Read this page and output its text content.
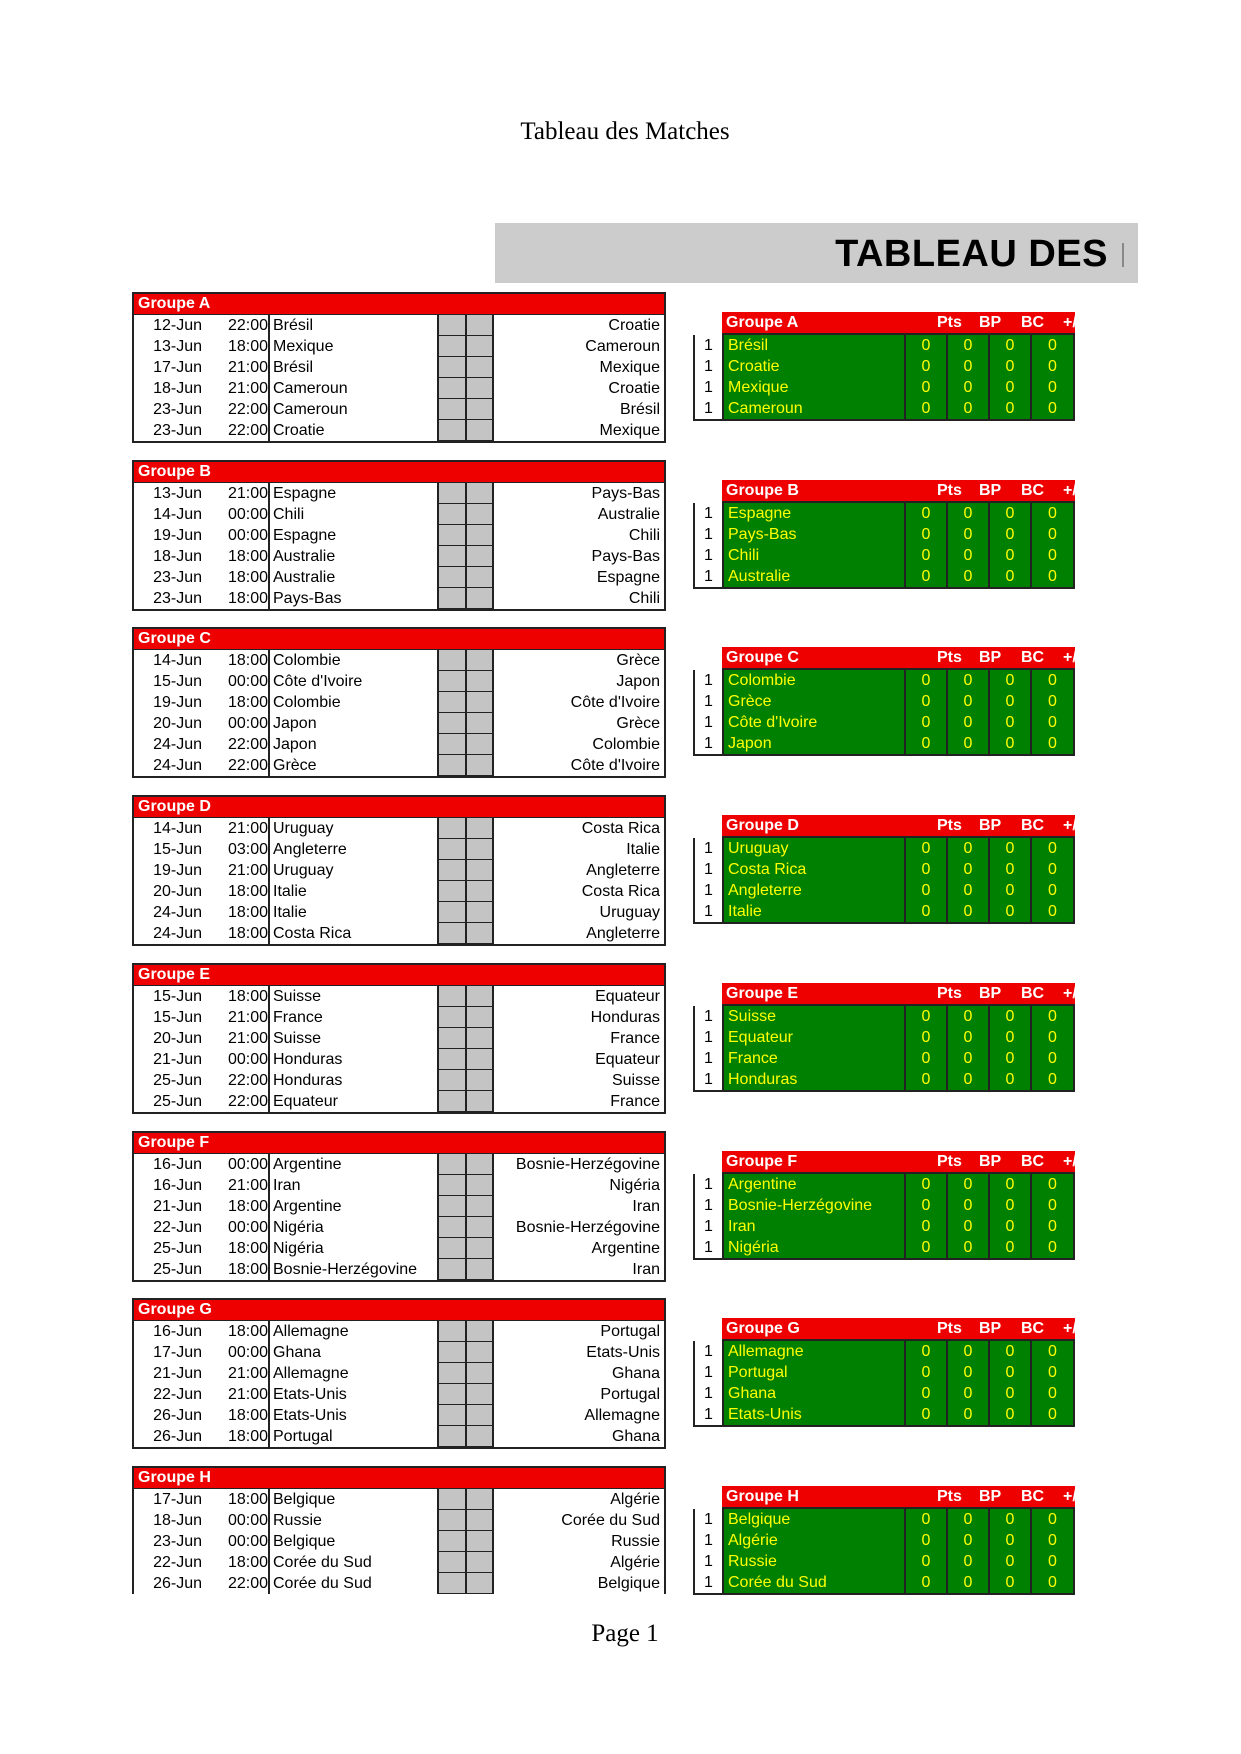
Tableau des Matches
TABLEAU DES
Groupe A
12-Jun	22:00 Brésil	Croatie
13-Jun	18:00 Mexique	Cameroun
17-Jun	21:00 Brésil	Mexique
18-Jun	21:00 Cameroun	Croatie
23-Jun	22:00 Cameroun	Brésil
23-Jun	22:00 Croatie	Mexique
Groupe A	Pts	BP	BC	+/-
1 Brésil	0	0	0	0
1 Croatie	0	0	0	0
1 Mexique	0	0	0	0
1 Cameroun	0	0	0	0
Groupe B
13-Jun	21:00 Espagne	Pays-Bas
14-Jun	00:00 Chili	Australie
19-Jun	00:00 Espagne	Chili
18-Jun	18:00 Australie	Pays-Bas
23-Jun	18:00 Australie	Espagne
23-Jun	18:00 Pays-Bas	Chili
Groupe B	Pts	BP	BC	+/-
1 Espagne	0	0	0	0
1 Pays-Bas	0	0	0	0
1 Chili	0	0	0	0
1 Australie	0	0	0	0
Groupe C
14-Jun	18:00 Colombie	Grèce
15-Jun	00:00 Côte d'Ivoire	Japon
19-Jun	18:00 Colombie	Côte d'Ivoire
20-Jun	00:00 Japon	Grèce
24-Jun	22:00 Japon	Colombie
24-Jun	22:00 Grèce	Côte d'Ivoire
Groupe C	Pts	BP	BC	+/-
1 Colombie	0	0	0	0
1 Grèce	0	0	0	0
1 Côte d'Ivoire	0	0	0	0
1 Japon	0	0	0	0
Groupe D
14-Jun	21:00 Uruguay	Costa Rica
15-Jun	03:00 Angleterre	Italie
19-Jun	21:00 Uruguay	Angleterre
20-Jun	18:00 Italie	Costa Rica
24-Jun	18:00 Italie	Uruguay
24-Jun	18:00 Costa Rica	Angleterre
Groupe D	Pts	BP	BC	+/-
1 Uruguay	0	0	0	0
1 Costa Rica	0	0	0	0
1 Angleterre	0	0	0	0
1 Italie	0	0	0	0
Groupe E
15-Jun	18:00 Suisse	Equateur
15-Jun	21:00 France	Honduras
20-Jun	21:00 Suisse	France
21-Jun	00:00 Honduras	Equateur
25-Jun	22:00 Honduras	Suisse
25-Jun	22:00 Equateur	France
Groupe E	Pts	BP	BC	+/-
1 Suisse	0	0	0	0
1 Equateur	0	0	0	0
1 France	0	0	0	0
1 Honduras	0	0	0	0
Groupe F
16-Jun	00:00 Argentine	Bosnie-Herzégovine
16-Jun	21:00 Iran	Nigéria
21-Jun	18:00 Argentine	Iran
22-Jun	00:00 Nigéria	Bosnie-Herzégovine
25-Jun	18:00 Nigéria	Argentine
25-Jun	18:00 Bosnie-Herzégovine	Iran
Groupe F	Pts	BP	BC	+/-
1 Argentine	0	0	0	0
1 Bosnie-Herzégovine	0	0	0	0
1 Iran	0	0	0	0
1 Nigéria	0	0	0	0
Groupe G
16-Jun	18:00 Allemagne	Portugal
17-Jun	00:00 Ghana	Etats-Unis
21-Jun	21:00 Allemagne	Ghana
22-Jun	21:00 Etats-Unis	Portugal
26-Jun	18:00 Etats-Unis	Allemagne
26-Jun	18:00 Portugal	Ghana
Groupe G	Pts	BP	BC	+/-
1 Allemagne	0	0	0	0
1 Portugal	0	0	0	0
1 Ghana	0	0	0	0
1 Etats-Unis	0	0	0	0
Groupe H
17-Jun	18:00 Belgique	Algérie
18-Jun	00:00 Russie	Corée du Sud
23-Jun	00:00 Belgique	Russie
22-Jun	18:00 Corée du Sud	Algérie
26-Jun	22:00 Corée du Sud	Belgique
Groupe H	Pts	BP	BC	+/-
1 Belgique	0	0	0	0
1 Algérie	0	0	0	0
1 Russie	0	0	0	0
1 Corée du Sud	0	0	0	0
Page 1
